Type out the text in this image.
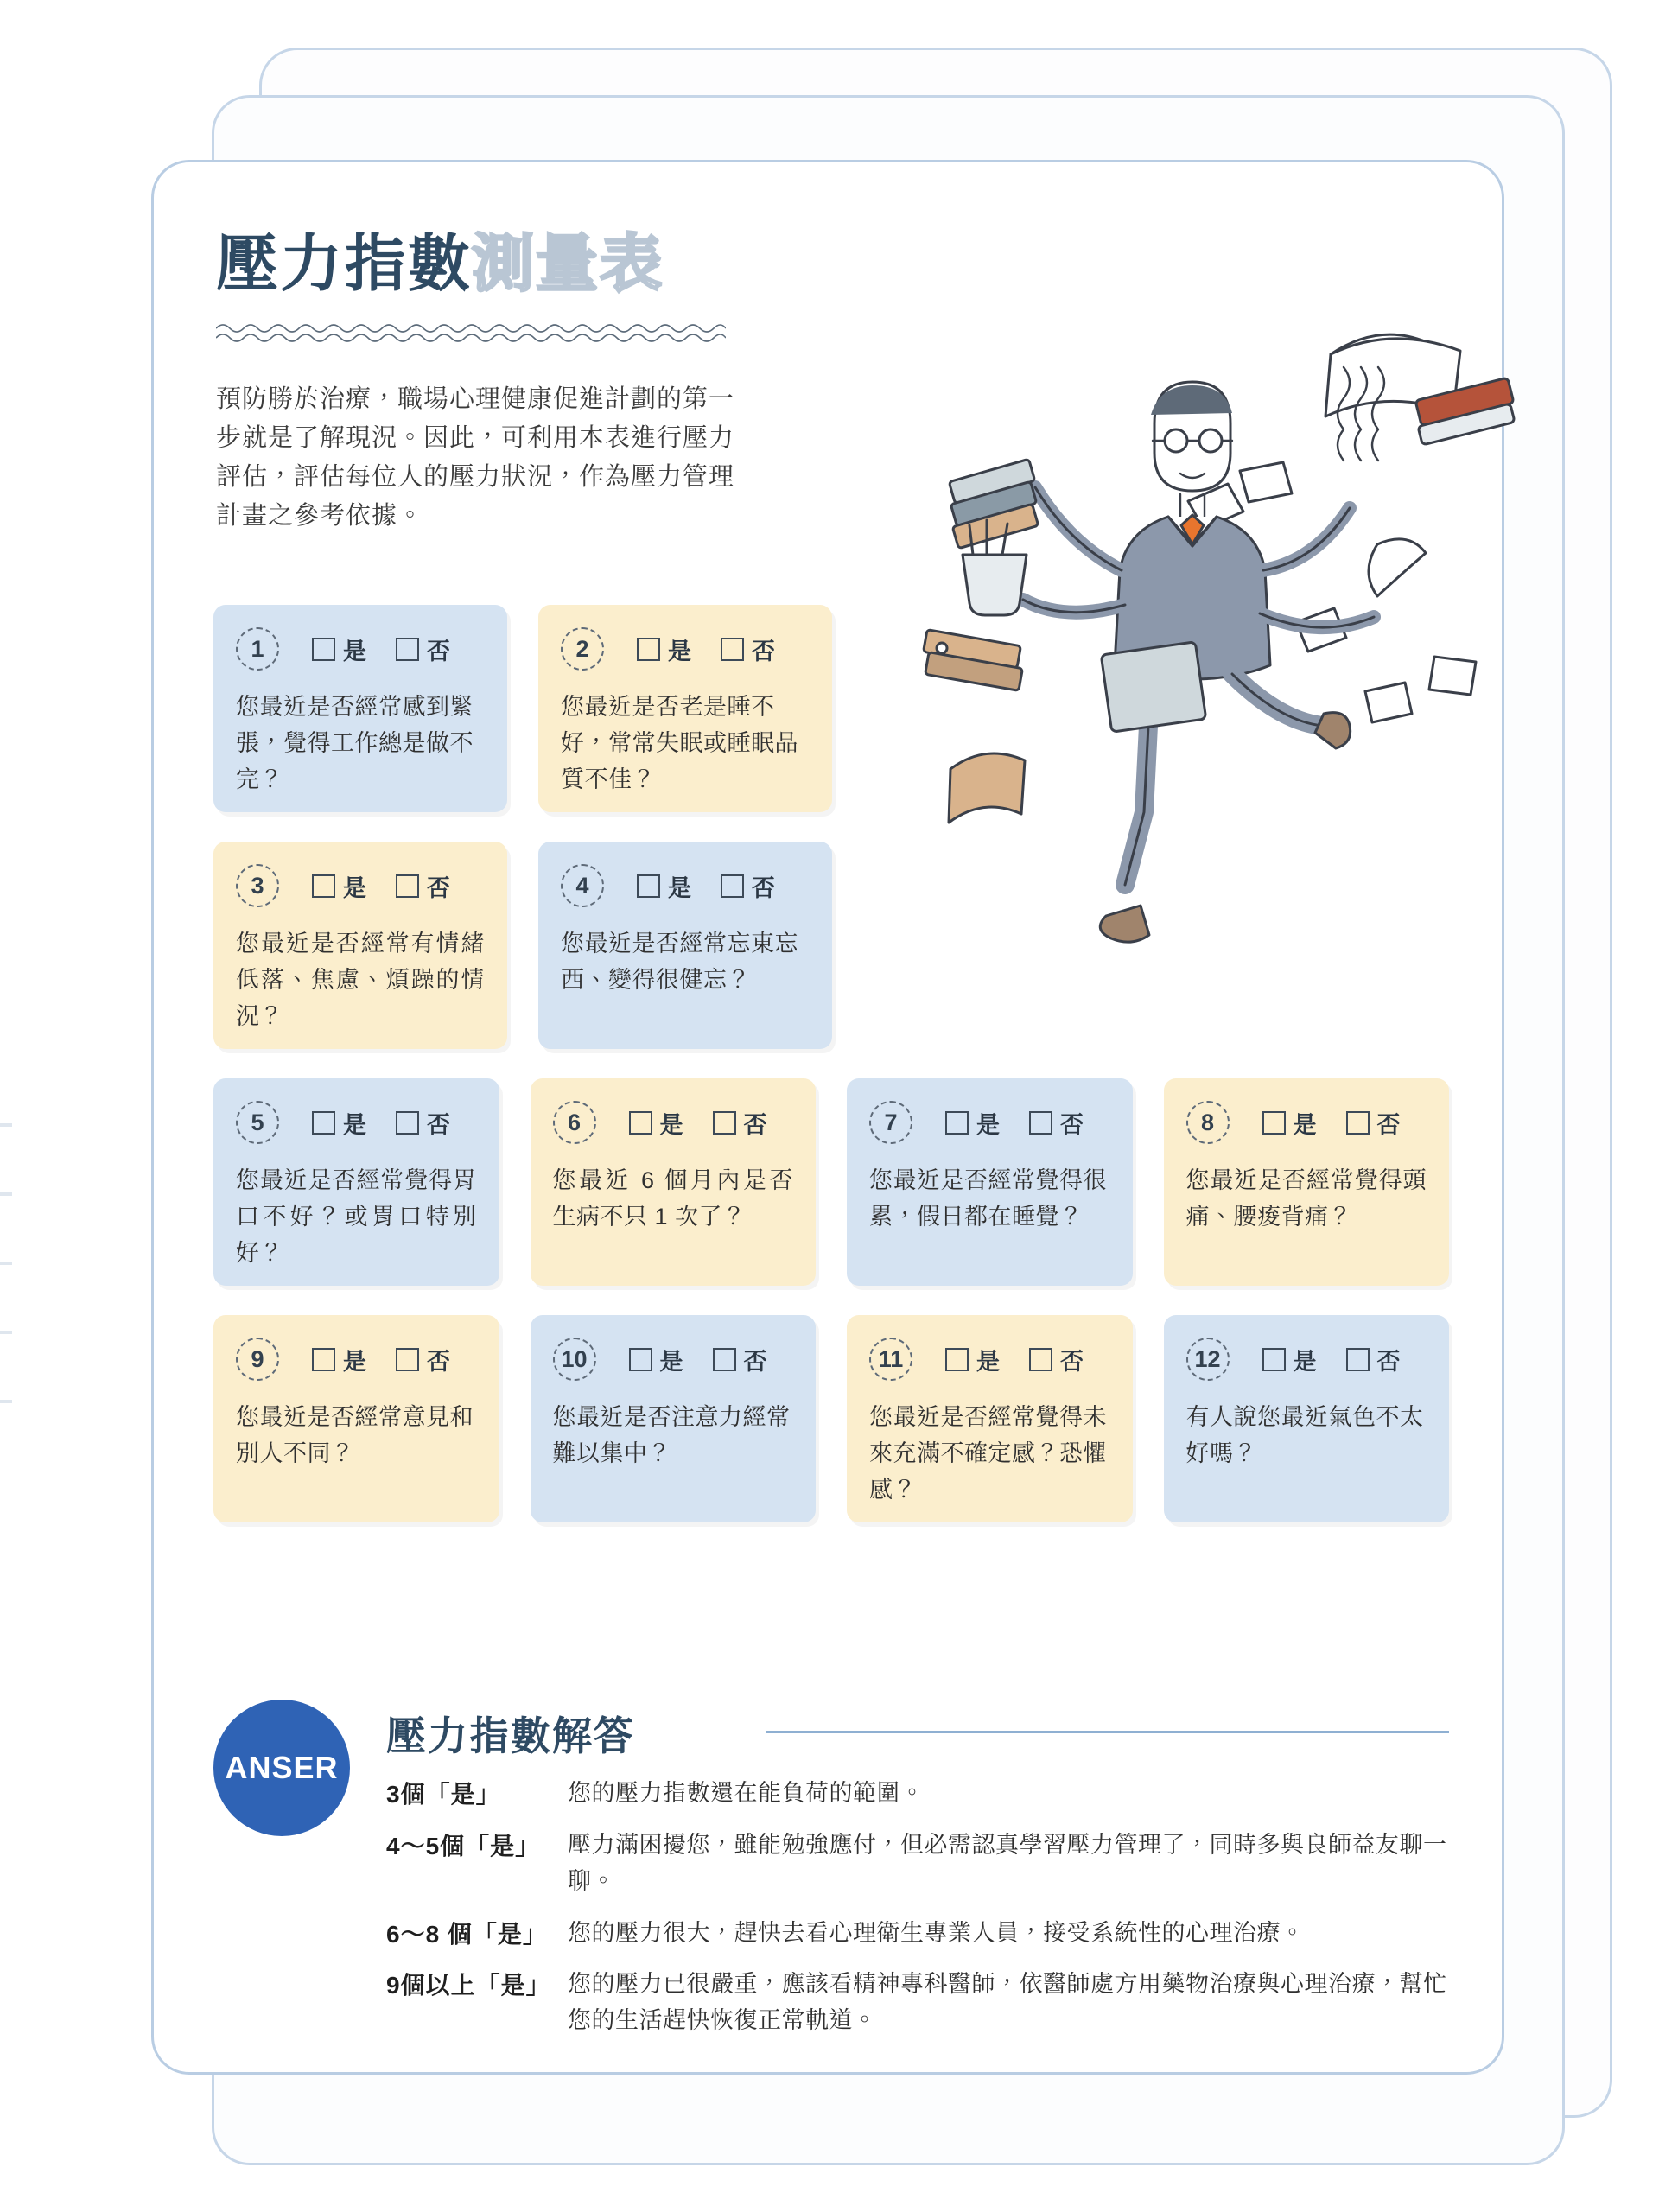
壓力指數測量表
預防勝於治療，職場心理健康促進計劃的第一步就是了解現況。因此，可利用本表進行壓力評估，評估每位人的壓力狀況，作為壓力管理計畫之參考依據。
1	是	否
您最近是否經常感到緊張，覺得工作總是做不完？
2	是	否
您最近是否老是睡不好，常常失眠或睡眠品質不佳？
3	是	否
您最近是否經常有情緒低落、焦慮、煩躁的情況？
4	是	否
您最近是否經常忘東忘西、變得很健忘？
5	是	否
您最近是否經常覺得胃口不好？或胃口特別好？
6	是	否
您最近 6 個月內是否生病不只 1 次了？
7	是	否
您最近是否經常覺得很累，假日都在睡覺？
8	是	否
您最近是否經常覺得頭痛、腰痠背痛？
9	是	否
您最近是否經常意見和別人不同？
10	是	否
您最近是否注意力經常難以集中？
11	是	否
您最近是否經常覺得未來充滿不確定感？恐懼感？
12	是	否
有人說您最近氣色不太好嗎？
ANSER
壓力指數解答
3個「是」	您的壓力指數還在能負荷的範圍。
4～5個「是」	壓力滿困擾您，雖能勉強應付，但必需認真學習壓力管理了，同時多與良師益友聊一聊。
6～8 個「是」 您的壓力很大，趕快去看心理衛生專業人員，接受系統性的心理治療。
9個以上「是」 您的壓力已很嚴重，應該看精神專科醫師，依醫師處方用藥物治療與心理治療，幫忙您的生活趕快恢復正常軌道。
